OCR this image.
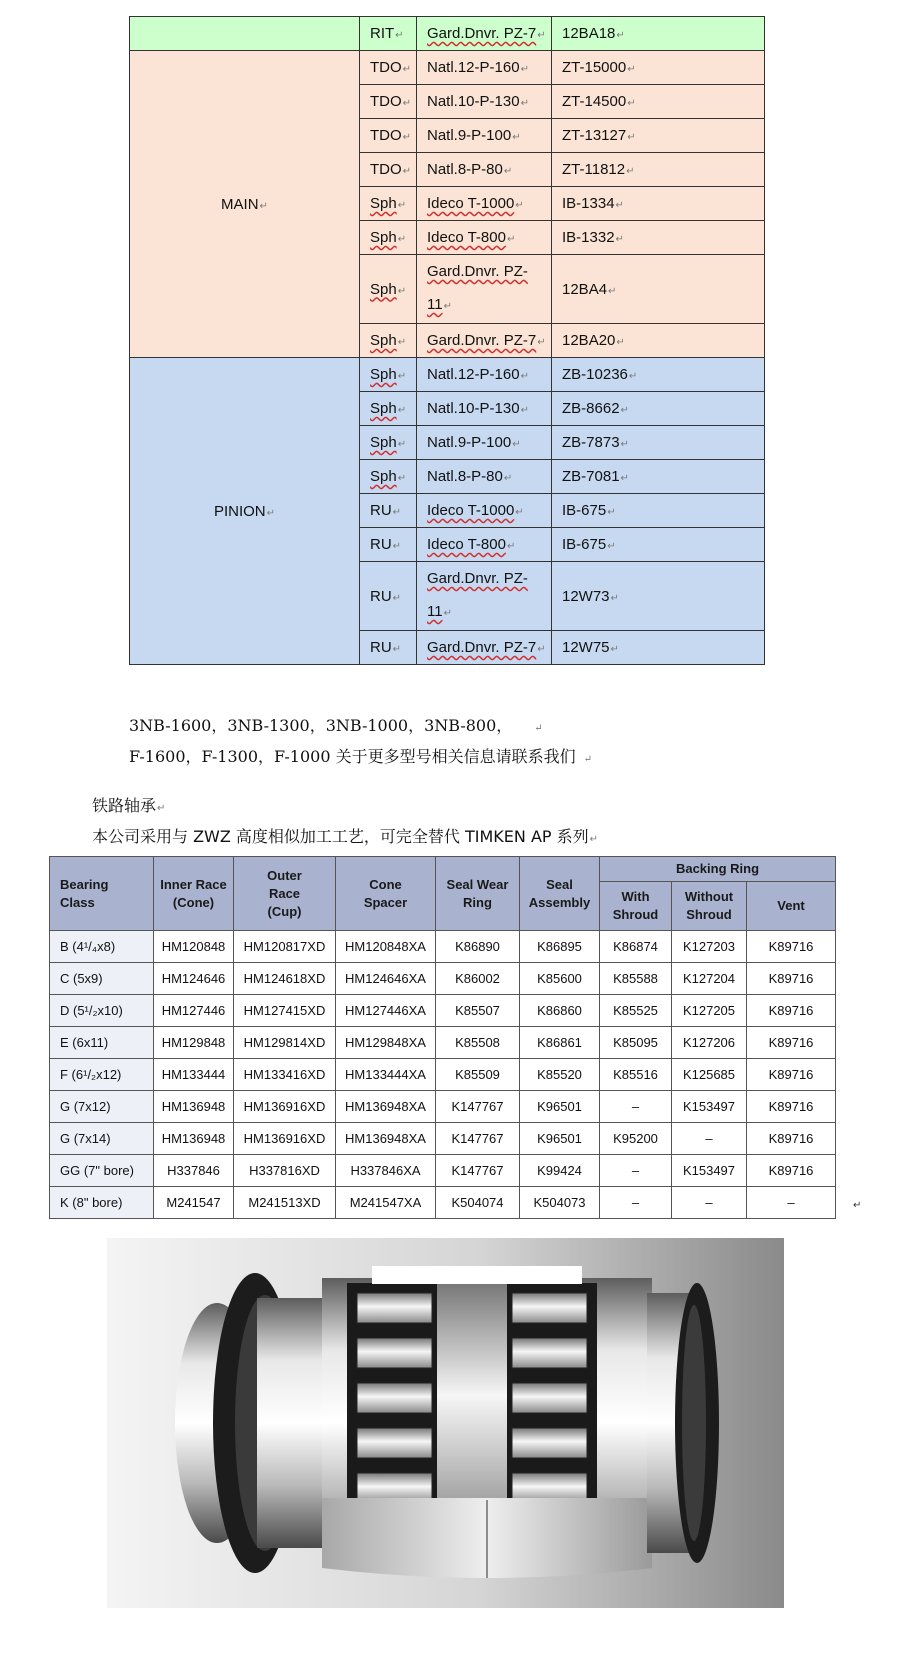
	RIT↵	Gard.Dnvr. PZ-7↵	12BA18↵
MAIN↵	TDO↵	Natl.12-P-160↵	ZT-15000↵
	TDO↵	Natl.10-P-130↵	ZT-14500↵
	TDO↵	Natl.9-P-100↵	ZT-13127↵
	TDO↵	Natl.8-P-80↵	ZT-11812↵
	Sph↵	Ideco T-1000↵	IB-1334↵
	Sph↵	Ideco T-800↵	IB-1332↵
	Sph↵	Gard.Dnvr. PZ-11↵	12BA4↵
	Sph↵	Gard.Dnvr. PZ-7↵	12BA20↵
PINION↵	Sph↵	Natl.12-P-160↵	ZB-10236↵
	Sph↵	Natl.10-P-130↵	ZB-8662↵
	Sph↵	Natl.9-P-100↵	ZB-7873↵
	Sph↵	Natl.8-P-80↵	ZB-7081↵
	RU↵	Ideco T-1000↵	IB-675↵
	RU↵	Ideco T-800↵	IB-675↵
	RU↵	Gard.Dnvr. PZ-11↵	12W73↵
	RU↵	Gard.Dnvr. PZ-7↵	12W75↵
3NB-1600，3NB-1300，3NB-1000，3NB-800， ↵
F-1600，F-1300，F-1000 关于更多型号相关信息请联系我们 ↵
铁路轴承↵
本公司采用与 ZWZ 高度相似加工工艺，可完全替代 TIMKEN AP 系列↵
Bearing Class	Inner Race (Cone)	Outer Race (Cup)	Cone Spacer	Seal Wear Ring	Seal Assembly	Backing Ring		
						With Shroud	Without Shroud	Vent
B (4¹/₄x8)	HM120848	HM120817XD	HM120848XA	K86890	K86895	K86874	K127203	K89716
C (5x9)	HM124646	HM124618XD	HM124646XA	K86002	K85600	K85588	K127204	K89716
D (5¹/₂x10)	HM127446	HM127415XD	HM127446XA	K85507	K86860	K85525	K127205	K89716
E (6x11)	HM129848	HM129814XD	HM129848XA	K85508	K86861	K85095	K127206	K89716
F (6¹/₂x12)	HM133444	HM133416XD	HM133444XA	K85509	K85520	K85516	K125685	K89716
G (7x12)	HM136948	HM136916XD	HM136948XA	K147767	K96501	–	K153497	K89716
G (7x14)	HM136948	HM136916XD	HM136948XA	K147767	K96501	K95200	–	K89716
GG (7" bore)	H337846	H337816XD	H337846XA	K147767	K99424	–	K153497	K89716
K (8" bore)	M241547	M241513XD	M241547XA	K504074	K504073	–	–	–	↵
